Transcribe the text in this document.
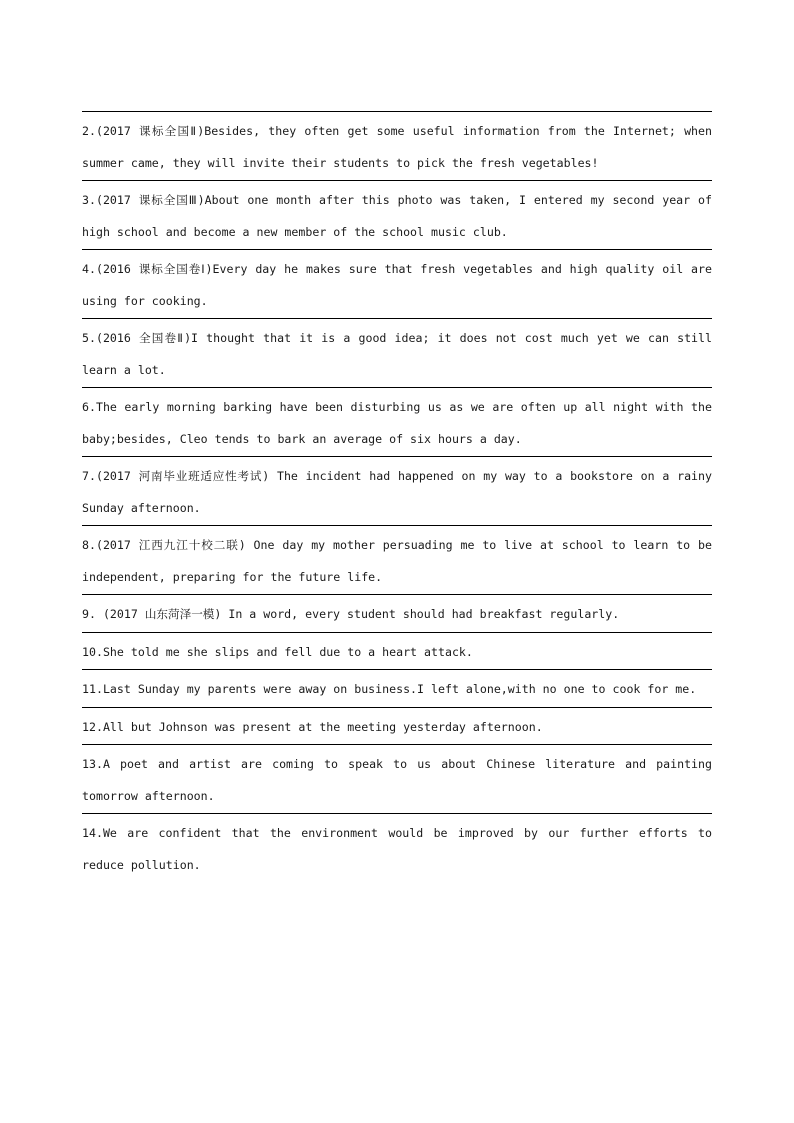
2.(2017 课标全国Ⅱ)Besides, they often get some useful information from the Internet; when summer came, they will invite their students to pick the fresh vegetables!
3.(2017 课标全国Ⅲ)About one month after this photo was taken, I entered my second year of high school and become a new member of the school music club.
4.(2016 课标全国卷Ⅰ)Every day he makes sure that fresh vegetables and high quality oil are using for cooking.
5.(2016 全国卷Ⅱ)I thought that it is a good idea; it does not cost much yet we can still learn a lot.
6.The early morning barking have been disturbing us as we are often up all night with the baby;besides, Cleo tends to bark an average of six hours a day.
7.(2017 河南毕业班适应性考试) The incident had happened on my way to a bookstore on a rainy Sunday afternoon.
8.(2017 江西九江十校二联) One day my mother persuading me to live at school to learn to be independent, preparing for the future life.
9. (2017 山东菏泽一模) In a word, every student should had breakfast regularly.
10.She told me she slips and fell due to a heart attack.
11.Last Sunday my parents were away on business.I left alone,with no one to cook for me.
12.All but Johnson was present at the meeting yesterday afternoon.
13.A poet and artist are coming to speak to us about Chinese literature and painting tomorrow afternoon.
14.We are confident that the environment would be improved by our further efforts to reduce pollution.
